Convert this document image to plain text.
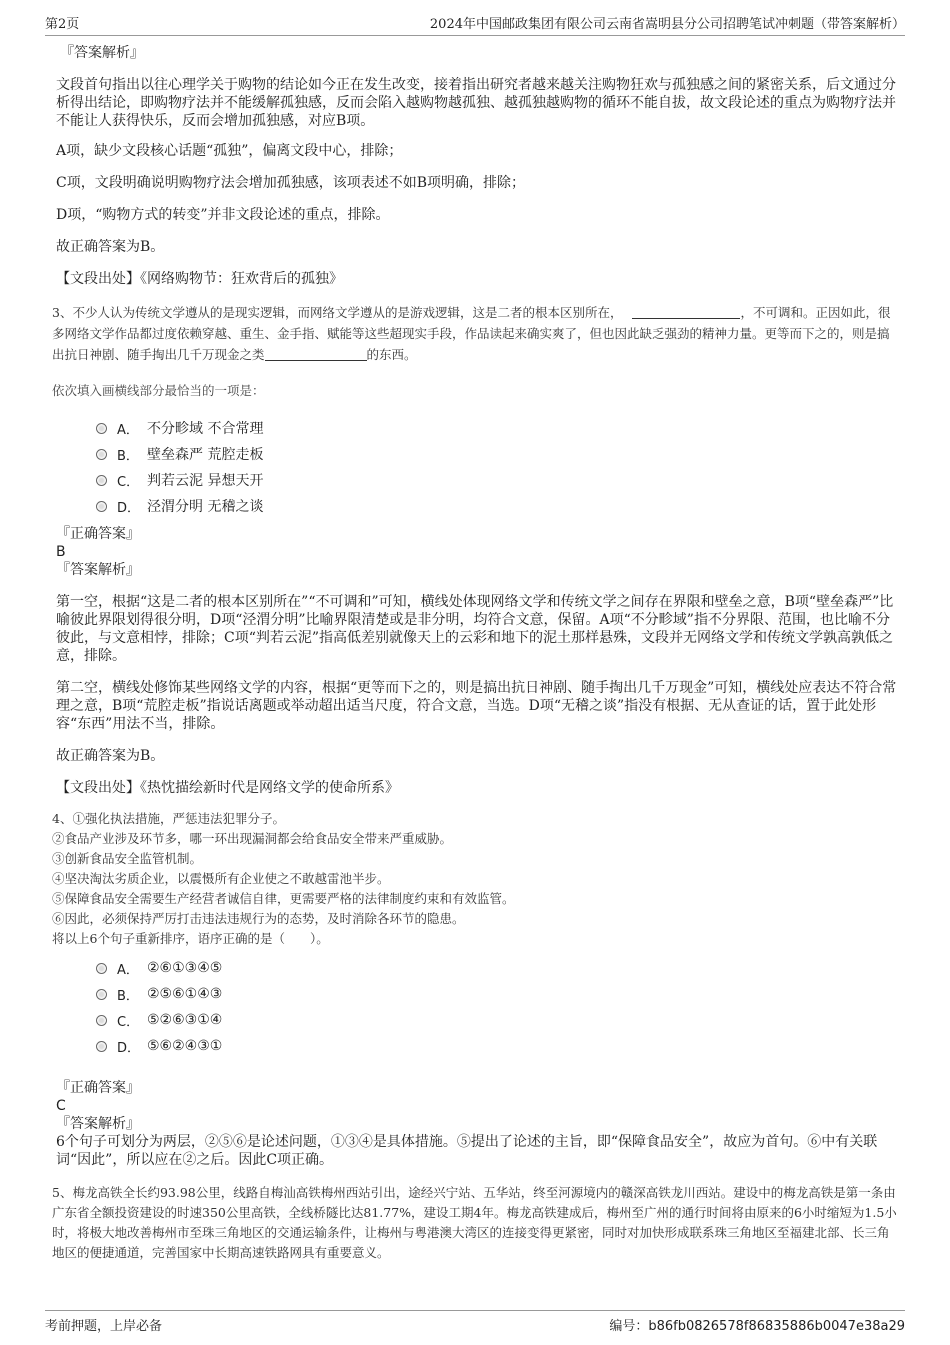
第2页	2024年中国邮政集团有限公司云南省嵩明县分公司招聘笔试冲刺题（带答案解析）
『答案解析』

文段首句指出以往心理学关于购物的结论如今正在发生改变，接着指出研究者越来越关注购物狂欢与孤独感之间的紧密关系，后文通过分析得出结论，即购物疗法并不能缓解孤独感，反而会陷入越购物越孤独、越孤独越购物的循环不能自拔，故文段论述的重点为购物疗法并不能让人获得快乐，反而会增加孤独感，对应B项。

A项，缺少文段核心话题“孤独”，偏离文段中心，排除；

C项，文段明确说明购物疗法会增加孤独感，该项表述不如B项明确，排除；

D项，“购物方式的转变”并非文段论述的重点，排除。

故正确答案为B。

【文段出处】《网络购物节：狂欢背后的孤独》

3、不少人认为传统文学遵从的是现实逻辑，而网络文学遵从的是游戏逻辑，这是二者的根本区别所在，	，不可调和。正因如此，很多网络文学作品都过度依赖穿越、重生、金手指、赋能等这些超现实手段，作品读起来确实爽了，但也因此缺乏强劲的精神力量。更等而下之的，则是搞出抗日神剧、随手掏出几千万现金之类	的东西。
依次填入画横线部分最恰当的一项是：
A． 不分畛域 不合常理
B． 壁垒森严 荒腔走板
C． 判若云泥 异想天开
D． 泾渭分明 无稽之谈
『正确答案』
B
『答案解析』

第一空，根据“这是二者的根本区别所在”“不可调和”可知，横线处体现网络文学和传统文学之间存在界限和壁垒之意，B项“壁垒森严”比喻彼此界限划得很分明，D项“泾渭分明”比喻界限清楚或是非分明，均符合文意，保留。A项“不分畛域”指不分界限、范围，也比喻不分彼此，与文意相悖，排除；C项“判若云泥”指高低差别就像天上的云彩和地下的泥土那样悬殊，文段并无网络文学和传统文学孰高孰低之意，排除。

第二空，横线处修饰某些网络文学的内容，根据“更等而下之的，则是搞出抗日神剧、随手掏出几千万现金”可知，横线处应表达不符合常理之意，B项“荒腔走板”指说话离题或举动超出适当尺度，符合文意，当选。D项“无稽之谈”指没有根据、无从查证的话，置于此处形容“东西”用法不当，排除。

故正确答案为B。

【文段出处】《热忱描绘新时代是网络文学的使命所系》

4、①强化执法措施，严惩违法犯罪分子。
②食品产业涉及环节多，哪一环出现漏洞都会给食品安全带来严重威胁。
③创新食品安全监管机制。
④坚决淘汰劣质企业，以震慑所有企业使之不敢越雷池半步。
⑤保障食品安全需要生产经营者诚信自律，更需要严格的法律制度约束和有效监管。
⑥因此，必须保持严厉打击违法违规行为的态势，及时消除各环节的隐患。
将以上6个句子重新排序，语序正确的是（　　）。
A． ②⑥①③④⑤
B． ②⑤⑥①④③
C． ⑤②⑥③①④
D． ⑤⑥②④③①
『正确答案』
C
『答案解析』
6个句子可划分为两层，②⑤⑥是论述问题，①③④是具体措施。⑤提出了论述的主旨，即“保障食品安全”，故应为首句。⑥中有关联词“因此”，所以应在②之后。因此C项正确。
5、梅龙高铁全长约93.98公里，线路自梅汕高铁梅州西站引出，途经兴宁站、五华站，终至河源境内的赣深高铁龙川西站。建设中的梅龙高铁是第一条由广东省全额投资建设的时速350公里高铁，全线桥隧比达81.77%，建设工期4年。梅龙高铁建成后，梅州至广州的通行时间将由原来的6小时缩短为1.5小时，将极大地改善梅州市至珠三角地区的交通运输条件，让梅州与粤港澳大湾区的连接变得更紧密，同时对加快形成联系珠三角地区至福建北部、长三角地区的便捷通道，完善国家中长期高速铁路网具有重要意义。
考前押题，上岸必备	编号：b86fb0826578f86835886b0047e38a29
